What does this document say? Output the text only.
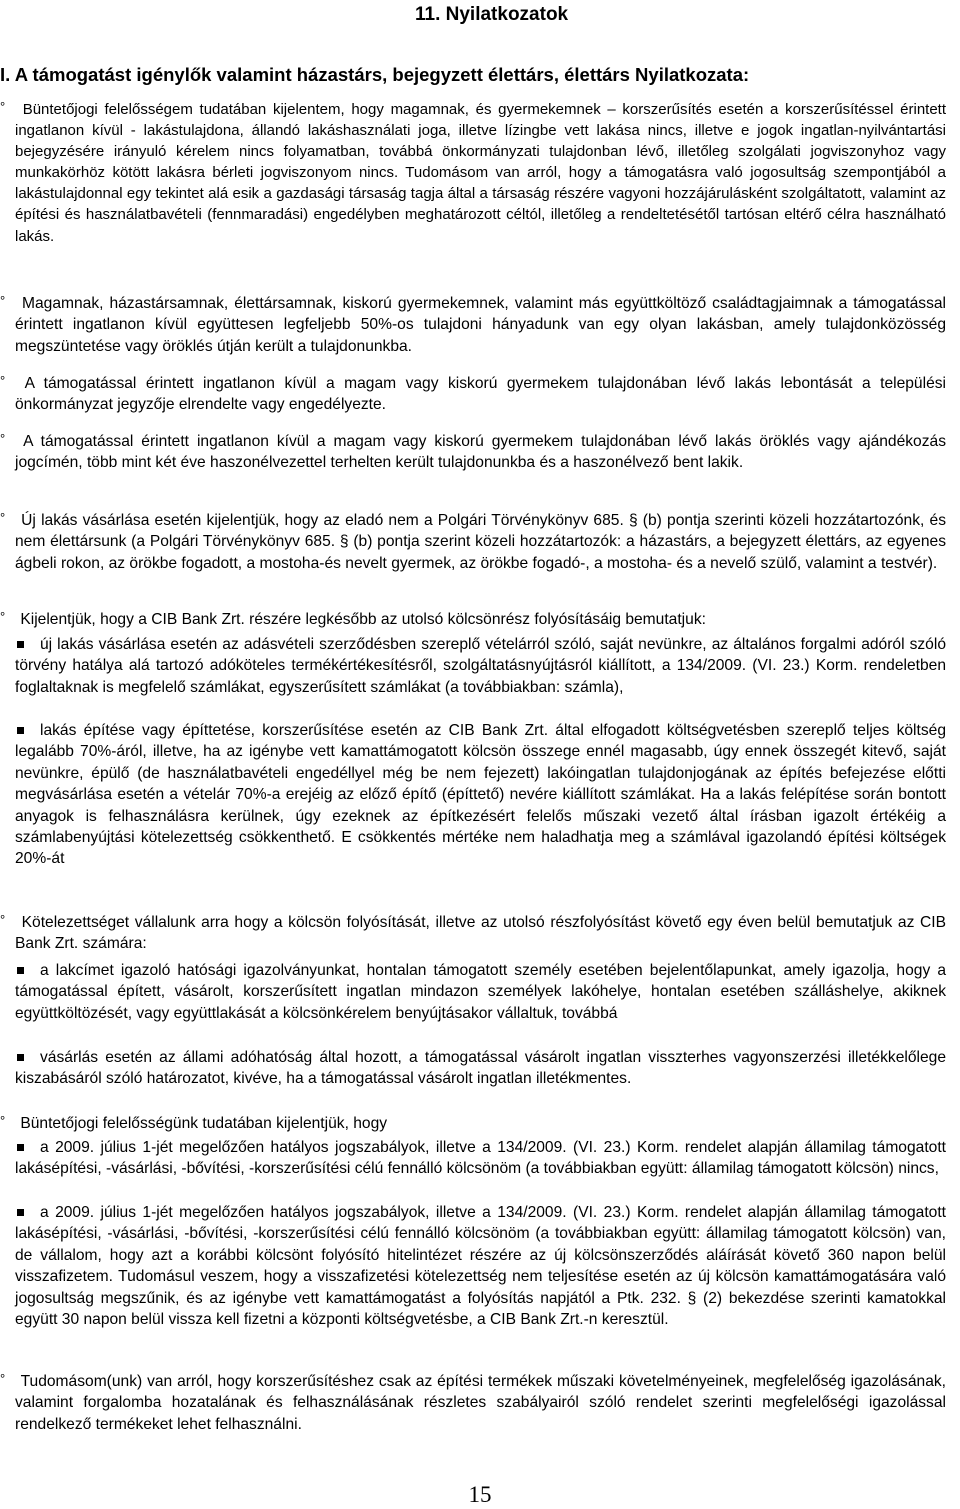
11. Nyilatkozatok
I. A támogatást igénylők valamint házastárs, bejegyzett élettárs, élettárs Nyilatkozata:

° Büntetőjogi felelősségem tudatában kijelentem, hogy magamnak, és gyermekemnek – korszerűsítés esetén a korszerűsítéssel érintett ingatlanon kívül - lakástulajdona, állandó lakáshasználati joga, illetve lízingbe vett lakása nincs, illetve e jogok ingatlan-nyilvántartási bejegyzésére irányuló kérelem nincs folyamatban, továbbá önkormányzati tulajdonban lévő, illetőleg szolgálati jogviszonyhoz vagy munkakörhöz kötött lakásra bérleti jogviszonyom nincs. Tudomásom van arról, hogy a támogatásra való jogosultság szempontjából a lakástulajdonnal egy tekintet alá esik a gazdasági társaság tagja által a társaság részére vagyoni hozzájárulásként szolgáltatott, valamint az építési és használatbavételi (fennmaradási) engedélyben meghatározott céltól, illetőleg a rendeltetésétől tartósan eltérő célra használható lakás.

° Magamnak, házastársamnak, élettársamnak, kiskorú gyermekemnek, valamint más együttköltöző családtagjaimnak a támogatással érintett ingatlanon kívül együttesen legfeljebb 50%-os tulajdoni hányadunk van egy olyan lakásban, amely tulajdonközösség megszüntetése vagy öröklés útján került a tulajdonunkba.

° A támogatással érintett ingatlanon kívül a magam vagy kiskorú gyermekem tulajdonában lévő lakás lebontását a települési önkormányzat jegyzője elrendelte vagy engedélyezte.

° A támogatással érintett ingatlanon kívül a magam vagy kiskorú gyermekem tulajdonában lévő lakás öröklés vagy ajándékozás jogcímén, több mint két éve haszonélvezettel terhelten került tulajdonunkba és a haszonélvező bent lakik.

° Új lakás vásárlása esetén kijelentjük, hogy az eladó nem a Polgári Törvénykönyv 685. § (b) pontja szerinti közeli hozzátartozónk, és nem élettársunk (a Polgári Törvénykönyv 685. § (b) pontja szerint közeli hozzátartozók: a házastárs, a bejegyzett élettárs, az egyenes ágbeli rokon, az örökbe fogadott, a mostoha-és nevelt gyermek, az örökbe fogadó-, a mostoha- és a nevelő szülő, valamint a testvér).

° Kijelentjük, hogy a CIB Bank Zrt. részére legkésőbb az utolsó kölcsönrész folyósításáig bemutatjuk:

új lakás vásárlása esetén az adásvételi szerződésben szereplő vételárról szóló, saját nevünkre, az általános forgalmi adóról szóló törvény hatálya alá tartozó adóköteles termékértékesítésről, szolgáltatásnyújtásról kiállított, a 134/2009. (VI. 23.) Korm. rendeletben foglaltaknak is megfelelő számlákat, egyszerűsített számlákat (a továbbiakban: számla),

lakás építése vagy építtetése, korszerűsítése esetén az CIB Bank Zrt. által elfogadott költségvetésben szereplő teljes költség legalább 70%-áról, illetve, ha az igénybe vett kamattámogatott kölcsön összege ennél magasabb, úgy ennek összegét kitevő, saját nevünkre, épülő (de használatbavételi engedéllyel még be nem fejezett) lakóingatlan tulajdonjogának az építés befejezése előtti megvásárlása esetén a vételár 70%-a erejéig az előző építő (építtető) nevére kiállított számlákat. Ha a lakás felépítése során bontott anyagok is felhasználásra kerülnek, úgy ezeknek az építkezésért felelős műszaki vezető által írásban igazolt értékéig a számlabenyújtási kötelezettség csökkenthető. E csökkentés mértéke nem haladhatja meg a számlával igazolandó építési költségek 20%-át

° Kötelezettséget vállalunk arra hogy a kölcsön folyósítását, illetve az utolsó részfolyósítást követő egy éven belül bemutatjuk az CIB Bank Zrt. számára:

a lakcímet igazoló hatósági igazolványunkat, hontalan támogatott személy esetében bejelentőlapunkat, amely igazolja, hogy a támogatással épített, vásárolt, korszerűsített ingatlan mindazon személyek lakóhelye, hontalan esetében szálláshelye, akiknek együttköltözését, vagy együttlakását a kölcsönkérelem benyújtásakor vállaltuk, továbbá

vásárlás esetén az állami adóhatóság által hozott, a támogatással vásárolt ingatlan visszterhes vagyonszerzési illetékkelőlege kiszabásáról szóló határozatot, kivéve, ha a támogatással vásárolt ingatlan illetékmentes.

° Büntetőjogi felelősségünk tudatában kijelentjük, hogy

a 2009. július 1-jét megelőzően hatályos jogszabályok, illetve a 134/2009. (VI. 23.) Korm. rendelet alapján államilag támogatott lakásépítési, -vásárlási, -bővítési, -korszerűsítési célú fennálló kölcsönöm (a továbbiakban együtt: államilag támogatott kölcsön) nincs,

a 2009. július 1-jét megelőzően hatályos jogszabályok, illetve a 134/2009. (VI. 23.) Korm. rendelet alapján államilag támogatott lakásépítési, -vásárlási, -bővítési, -korszerűsítési célú fennálló kölcsönöm (a továbbiakban együtt: államilag támogatott kölcsön) van, de vállalom, hogy azt a korábbi kölcsönt folyósító hitelintézet részére az új kölcsönszerződés aláírását követő 360 napon belül visszafizetem. Tudomásul veszem, hogy a visszafizetési kötelezettség nem teljesítése esetén az új kölcsön kamattámogatására való jogosultság megszűnik, és az igénybe vett kamattámogatást a folyósítás napjától a Ptk. 232. § (2) bekezdése szerinti kamatokkal együtt 30 napon belül vissza kell fizetni a központi költségvetésbe, a CIB Bank Zrt.-n keresztül.

° Tudomásom(unk) van arról, hogy korszerűsítéshez csak az építési termékek műszaki követelményeinek, megfelelőség igazolásának, valamint forgalomba hozatalának és felhasználásának részletes szabályairól szóló rendelet szerinti megfelelőségi igazolással rendelkező termékeket lehet felhasználni.

15
